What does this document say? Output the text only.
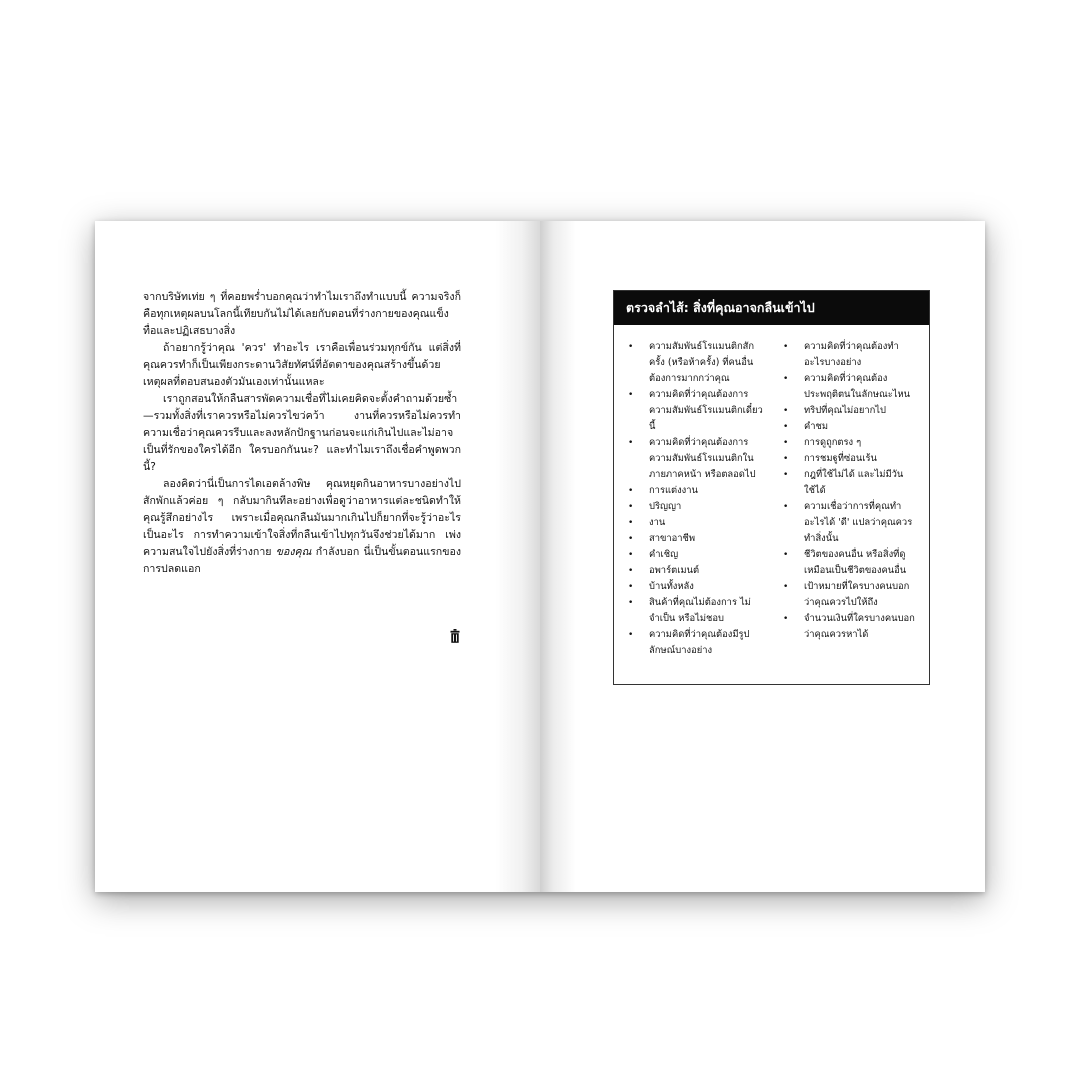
จากบริษัทเท่ย ๆ ที่คอยพร่ำบอกคุณว่าทำไมเราถึงทำแบบนี้ ความจริงก็คือทุกเหตุผลบนโลกนี้เทียบกันไม่ได้เลยกับตอนที่ร่างกายของคุณแข็งทื่อและปฏิเสธบางสิ่ง

ถ้าอยากรู้ว่าคุณ 'ควร' ทำอะไร เราคือเพื่อนร่วมทุกข์กัน แต่สิ่งที่คุณควรทำก็เป็นเพียงกระดานวิสัยทัศน์ที่อัตตาของคุณสร้างขึ้นด้วยเหตุผลที่ตอบสนองตัวมันเองเท่านั้นแหละ

เราถูกสอนให้กลืนสารพัดความเชื่อที่ไม่เคยคิดจะตั้งคำถามด้วยซ้ำ—รวมทั้งสิ่งที่เราควรหรือไม่ควรไขว่คว้า งานที่ควรหรือไม่ควรทำ ความเชื่อว่าคุณควรรีบและลงหลักปักฐานก่อนจะแก่เกินไปและไม่อาจเป็นที่รักของใครได้อีก ใครบอกกันนะ? และทำไมเราถึงเชื่อคำพูดพวกนี้?

ลองคิดว่านี่เป็นการไดเอตล้างพิษ คุณหยุดกินอาหารบางอย่างไปสักพักแล้วค่อย ๆ กลับมากินทีละอย่างเพื่อดูว่าอาหารแต่ละชนิดทำให้คุณรู้สึกอย่างไร เพราะเมื่อคุณกลืนมันมากเกินไปก็ยากที่จะรู้ว่าอะไรเป็นอะไร การทำความเข้าใจสิ่งที่กลืนเข้าไปทุกวันจึงช่วยได้มาก เพ่งความสนใจไปยังสิ่งที่ร่างกาย ของคุณ กำลังบอก นี่เป็นขั้นตอนแรกของการปลดแอก

ตรวจลำไส้: สิ่งที่คุณอาจกลืนเข้าไป
• ความสัมพันธ์โรแมนติกสักครั้ง (หรือห้าครั้ง) ที่คนอื่นต้องการมากกว่าคุณ
• ความคิดที่ว่าคุณต้องการความสัมพันธ์โรแมนติกเดี๋ยวนี้
• ความคิดที่ว่าคุณต้องการความสัมพันธ์โรแมนติกในภายภาคหน้า หรือตลอดไป
• การแต่งงาน
• ปริญญา
• งาน
• สาขาอาชีพ
• คำเชิญ
• อพาร์ตเมนต์
• บ้านทั้งหลัง
• สินค้าที่คุณไม่ต้องการ ไม่จำเป็น หรือไม่ชอบ
• ความคิดที่ว่าคุณต้องมีรูปลักษณ์บางอย่าง
• ความคิดที่ว่าคุณต้องทำอะไรบางอย่าง
• ความคิดที่ว่าคุณต้องประพฤติตนในลักษณะไหน
• ทริปที่คุณไม่อยากไป
• คำชม
• การดูถูกตรง ๆ
• การชมฐูที่ซ่อนเร้น
• กฎที่ใช้ไม่ได้ และไม่มีวันใช้ได้
• ความเชื่อว่าการที่คุณทำอะไรได้ 'ดี' แปลว่าคุณควรทำสิ่งนั้น
• ชีวิตของคนอื่น หรือสิ่งที่ดูเหมือนเป็นชีวิตของคนอื่น
• เป้าหมายที่ใครบางคนบอกว่าคุณควรไปให้ถึง
• จำนวนเงินที่ใครบางคนบอกว่าคุณควรหาได้
